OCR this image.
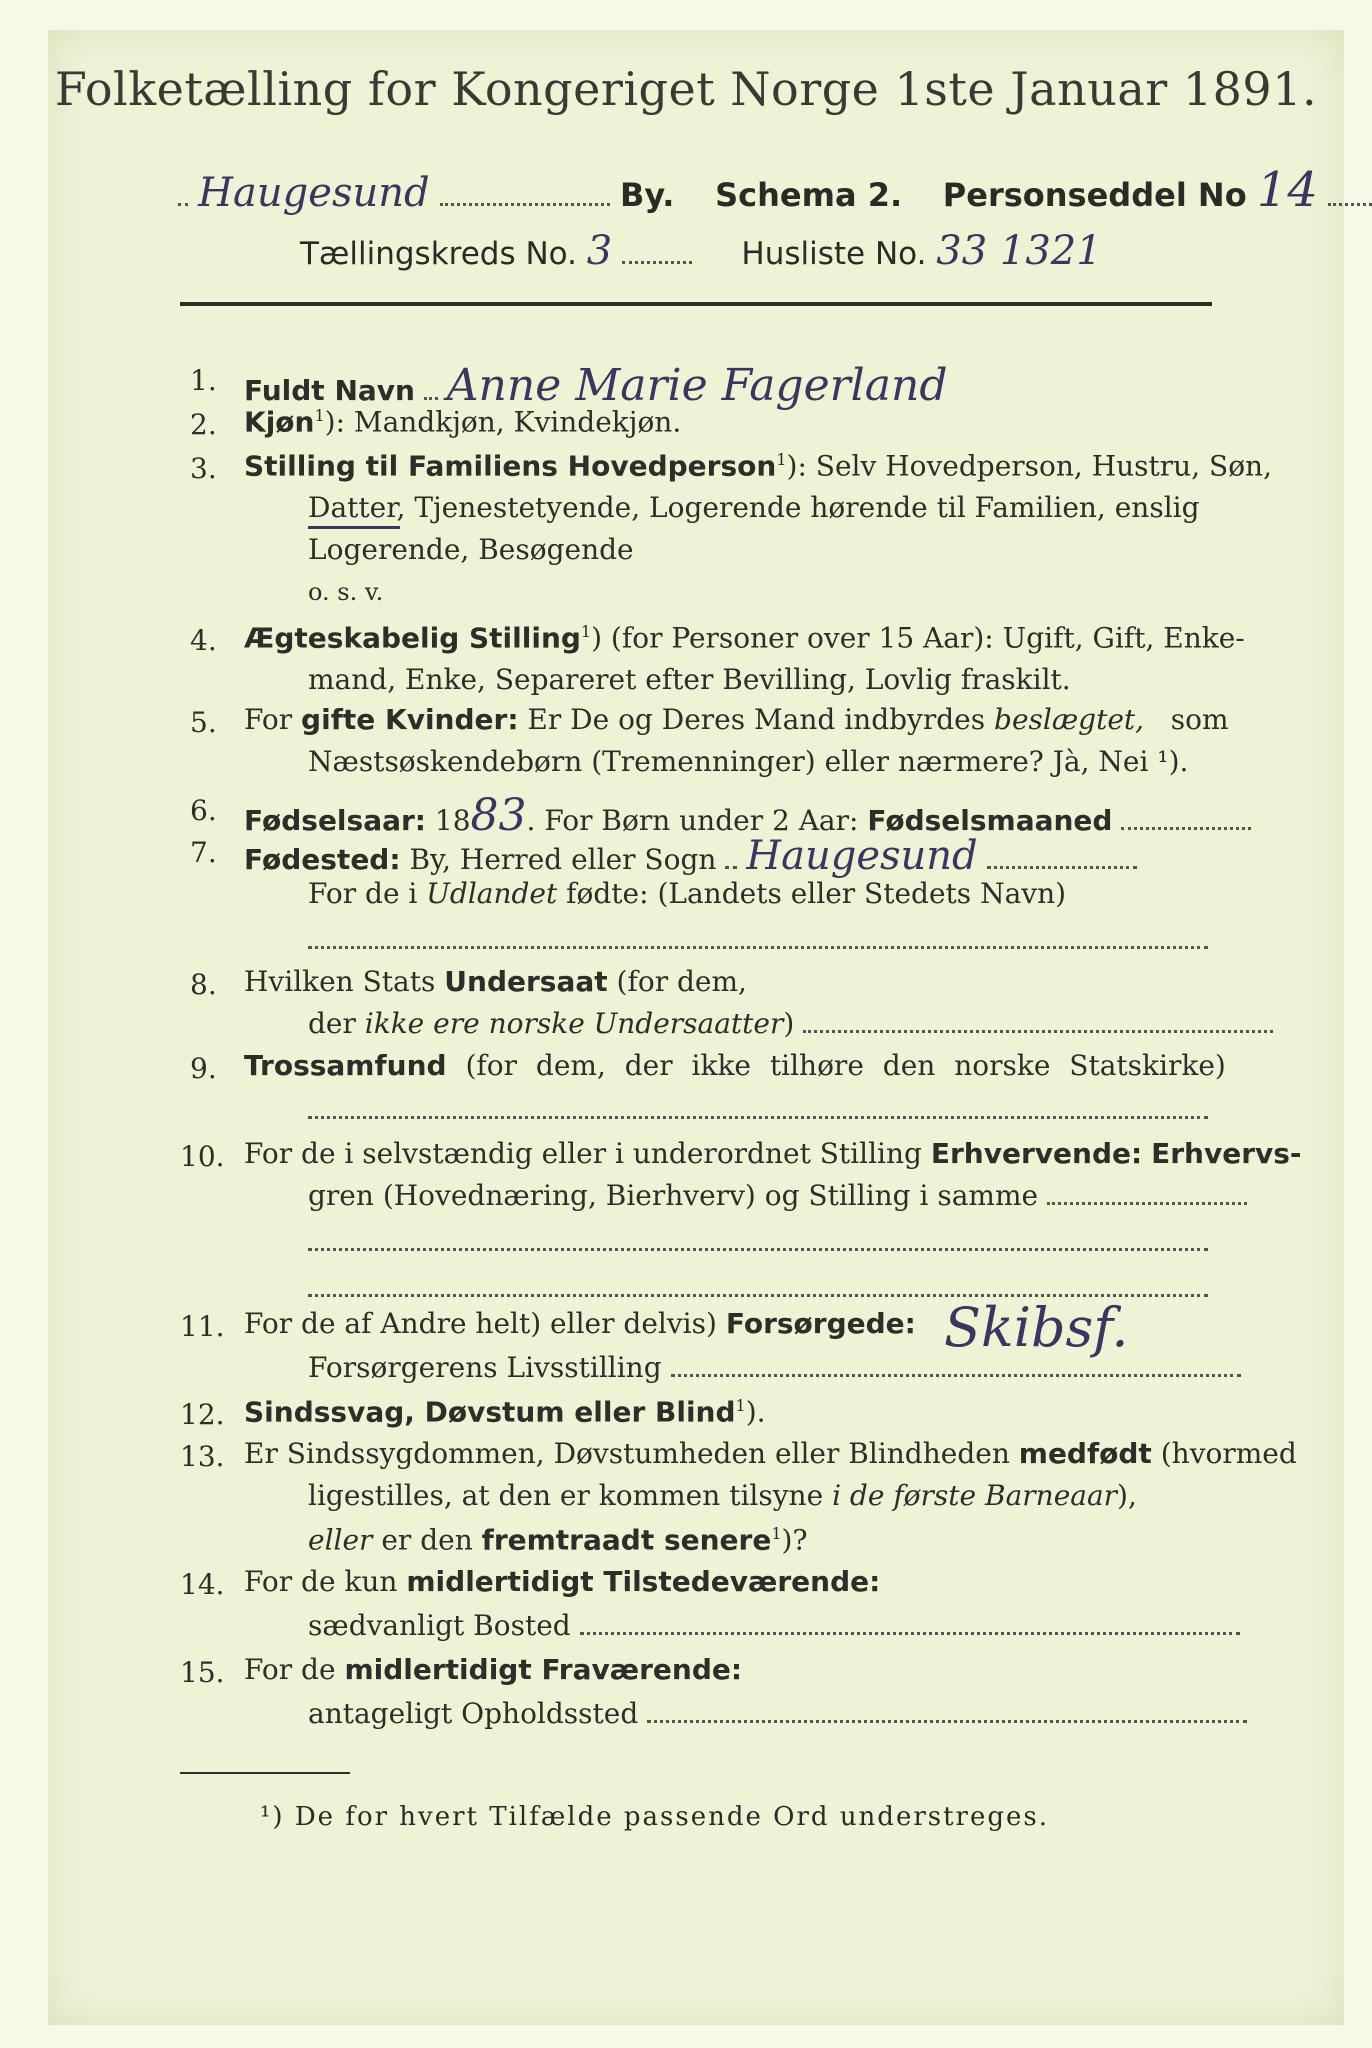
Folketælling for Kongeriget Norge 1ste Januar 1891.
Haugesund	By. Schema 2. Personseddel No 14
Tællingskreds No. 3	Husliste No. 33 1321
1. Fuldt Navn Anne Marie Fagerland
2. Kjøn$^1$): Mandkjøn, Kvindekjøn.
3. Stilling til Familiens Hovedperson$^1$): Selv Hovedperson, Hustru, Søn,
Datter, Tjenestetyende, Logerende hørende til Familien, enslig
Logerende, Besøgende
o. s. v.
4. Ægteskabelig Stilling$^1$) (for Personer over 15 Aar): Ugift, Gift, Enke-
mand, Enke, Separeret efter Bevilling, Lovlig fraskilt.
5. For gifte Kvinder: Er De og Deres Mand indbyrdes beslægtet, som
Næstsøskendebørn (Tremenninger) eller nærmere? Jà, Nei ¹).
6. Fødselsaar: 1883. For Børn under 2 Aar: Fødselsmaaned
7. Fødested: By, Herred eller Sogn Haugesund
For de i Udlandet fødte: (Landets eller Stedets Navn)
8. Hvilken Stats Undersaat (for dem,
der ikke ere norske Undersaatter)
9. Trossamfund (for dem, der ikke tilhøre den norske Statskirke)
10. For de i selvstændig eller i underordnet Stilling Erhvervende: Erhvervs-
gren (Hovednæring, Bierhverv) og Stilling i samme
11. For de af Andre helt) eller delvis) Forsørgede: Skibsf.
Forsørgerens Livsstilling
12. Sindssvag, Døvstum eller Blind$^1$).
13. Er Sindssygdommen, Døvstumheden eller Blindheden medfødt (hvormed
ligestilles, at den er kommen tilsyne i de første Barneaar),
eller er den fremtraadt senere$^1$)?
14. For de kun midlertidigt Tilstedeværende:
sædvanligt Bosted
15. For de midlertidigt Fraværende:
antageligt Opholdssted
¹) De for hvert Tilfælde passende Ord understreges.
